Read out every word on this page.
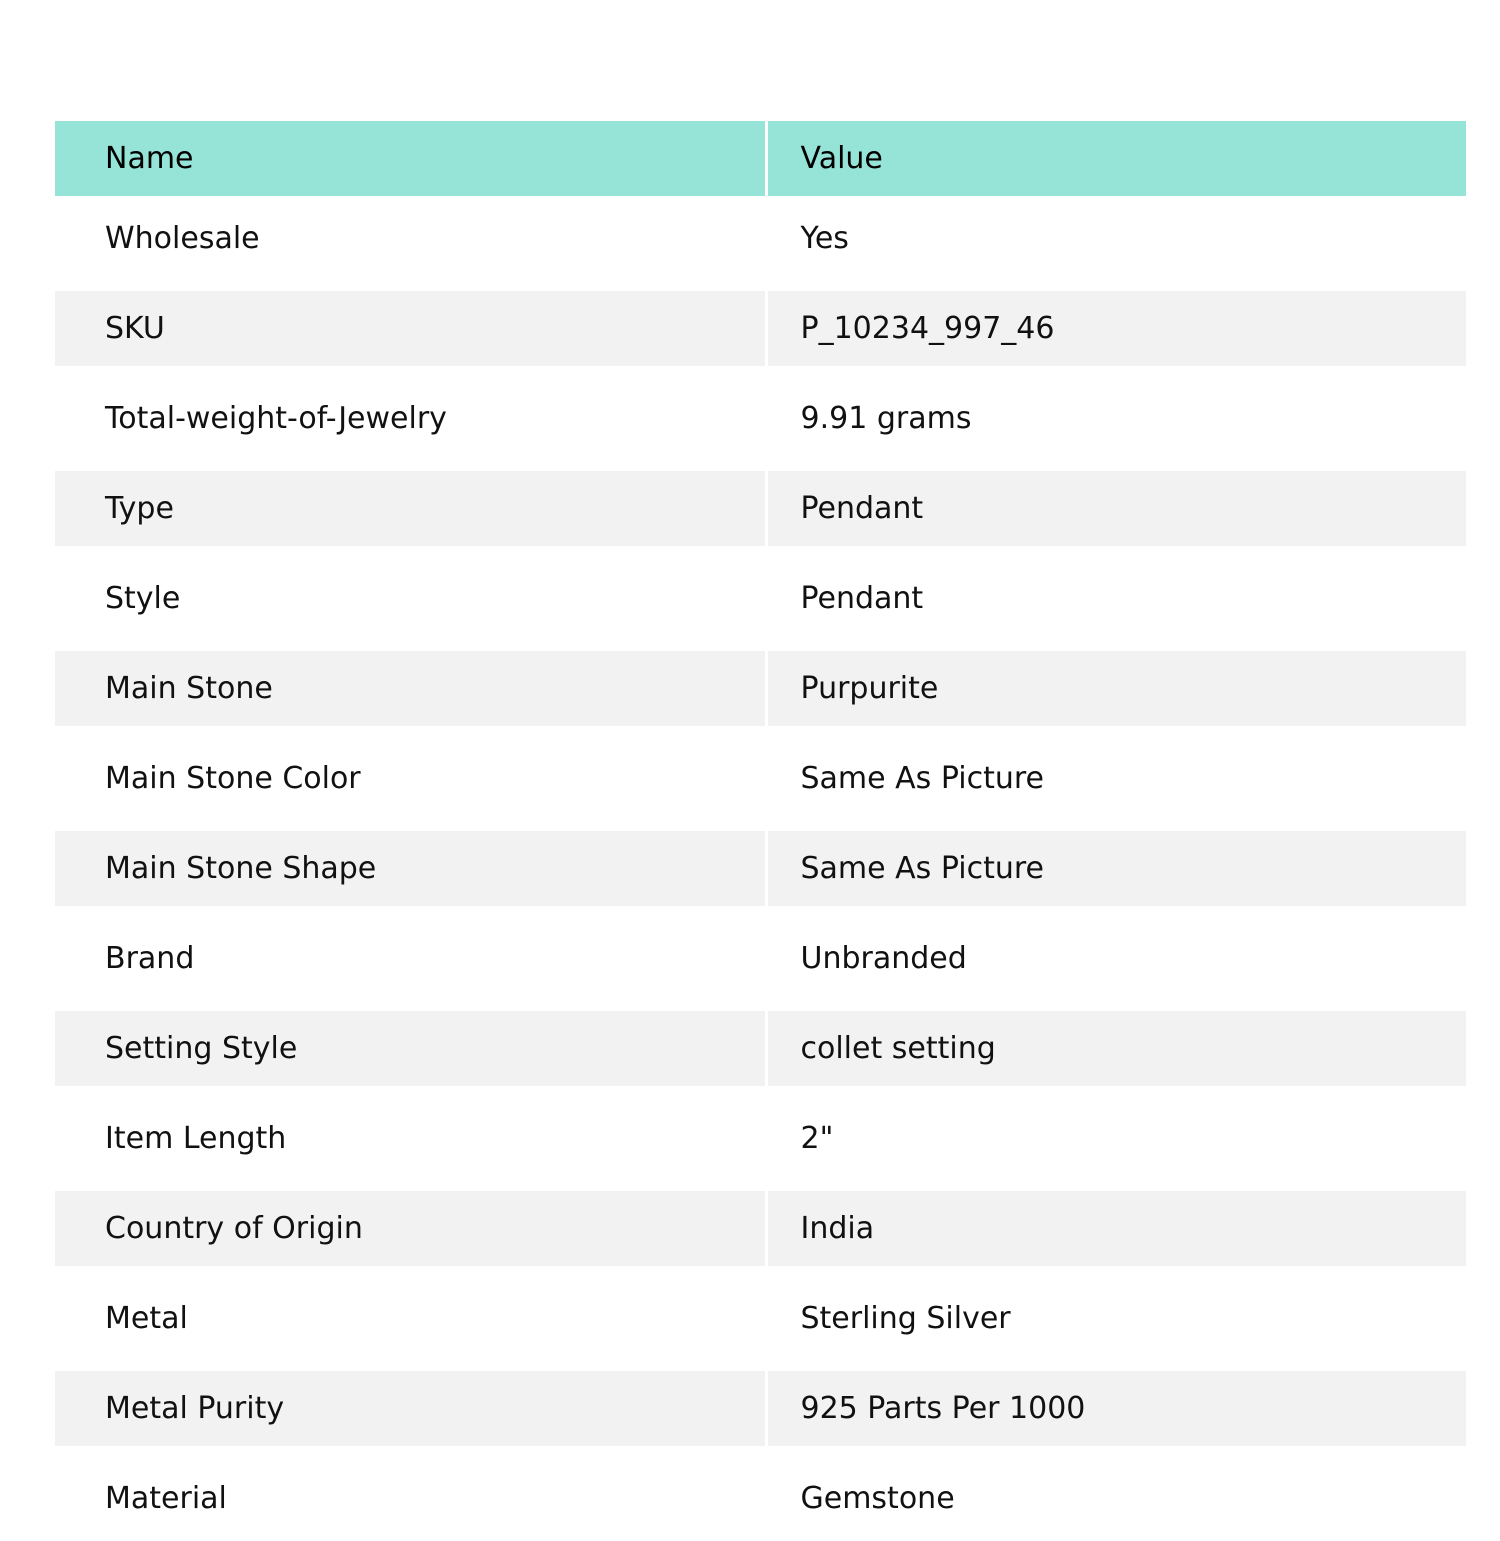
Name	Value
Wholesale	Yes
SKU	P_10234_997_46
Total-weight-of-Jewelry	9.91 grams
Type	Pendant
Style	Pendant
Main Stone	Purpurite
Main Stone Color	Same As Picture
Main Stone Shape	Same As Picture
Brand	Unbranded
Setting Style	collet setting
Item Length	2"
Country of Origin	India
Metal	Sterling Silver
Metal Purity	925 Parts Per 1000
Material	Gemstone
